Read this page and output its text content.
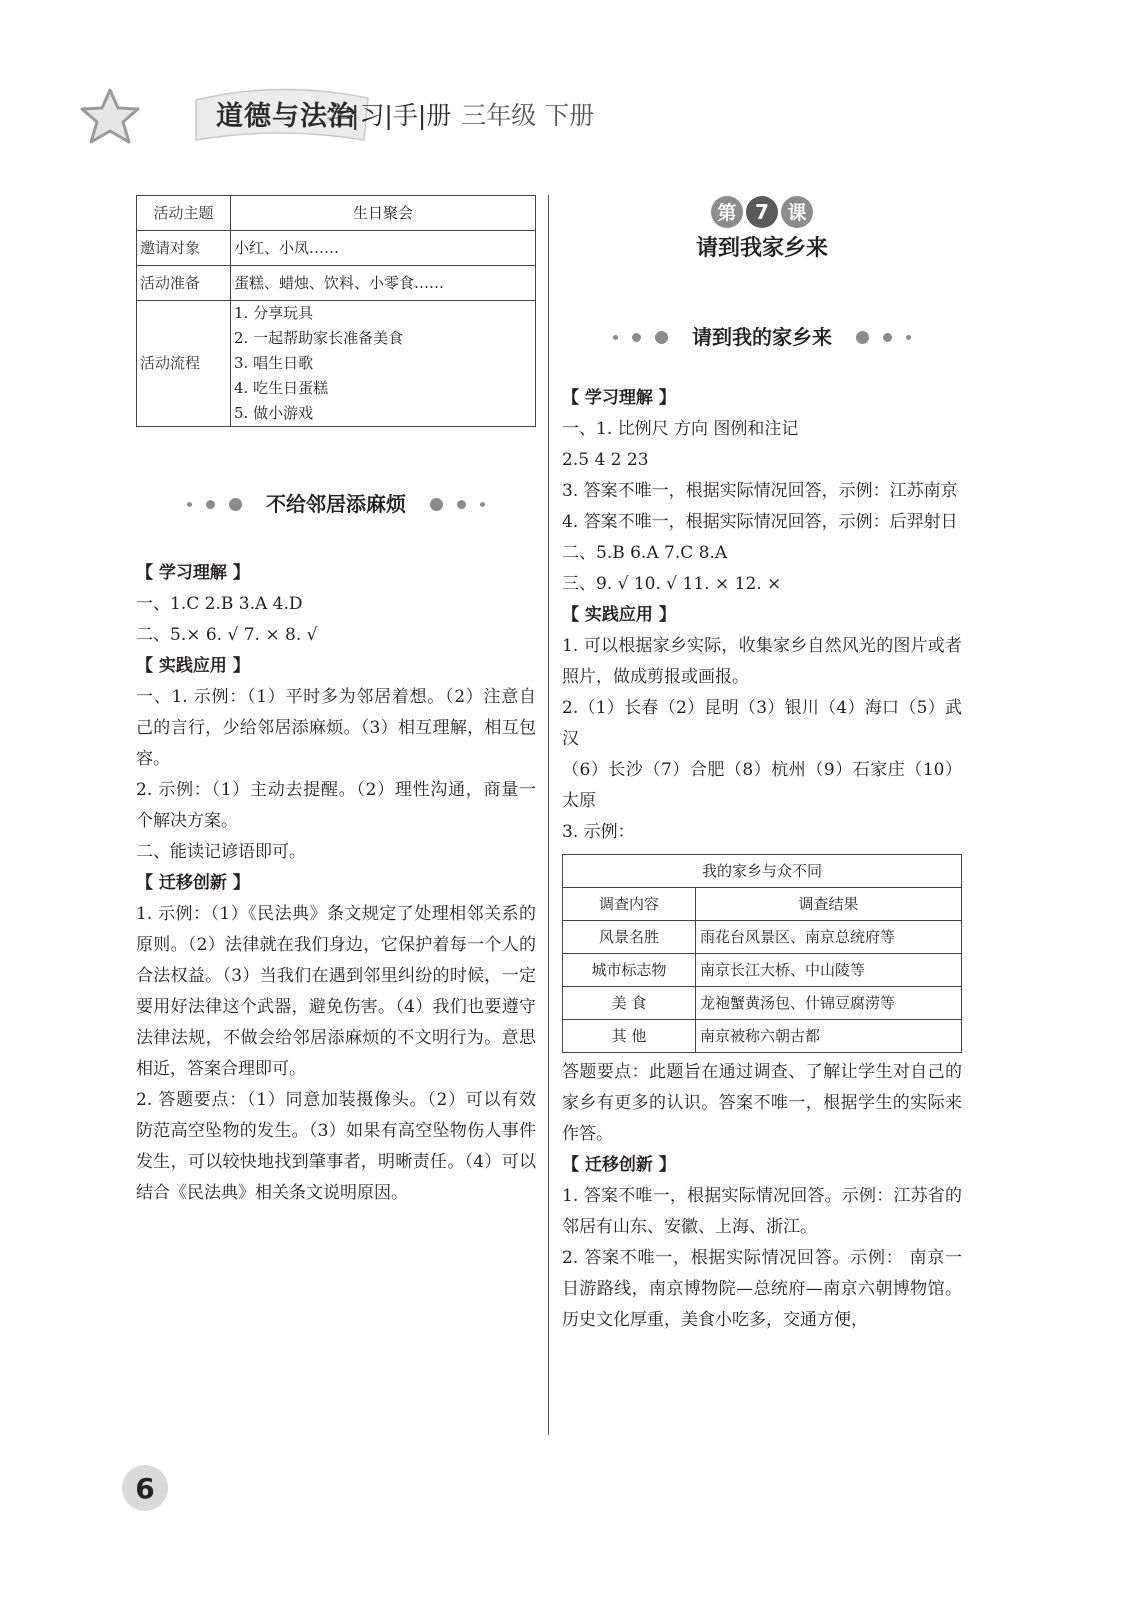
道德与法治
学|习|手|册 三年级 下册
活动主题	生日聚会
邀请对象	小红、小凤……
活动准备	蛋糕、蜡烛、饮料、小零食……
活动流程	1. 分享玩具
2. 一起帮助家长准备美食
3. 唱生日歌
4. 吃生日蛋糕
5. 做小游戏
不给邻居添麻烦
【 学习理解 】

一、1.C 2.B 3.A 4.D

二、5.× 6. √ 7. × 8. √

【 实践应用 】

一、1. 示例：（1）平时多为邻居着想。（2）注意自己的言行，少给邻居添麻烦。（3）相互理解，相互包容。

2. 示例：（1）主动去提醒。（2）理性沟通，商量一个解决方案。

二、能读记谚语即可。

【 迁移创新 】

1. 示例：（1）《民法典》条文规定了处理相邻关系的原则。（2）法律就在我们身边，它保护着每一个人的合法权益。（3）当我们在遇到邻里纠纷的时候，一定要用好法律这个武器，避免伤害。（4）我们也要遵守法律法规，不做会给邻居添麻烦的不文明行为。意思相近，答案合理即可。

2. 答题要点：（1）同意加装摄像头。（2）可以有效防范高空坠物的发生。（3）如果有高空坠物伤人事件发生，可以较快地找到肇事者，明晰责任。（4）可以结合《民法典》相关条文说明原因。

第 7 课
请到我家乡来
请到我的家乡来
【 学习理解 】

一、1. 比例尺 方向 图例和注记

2.5 4 2 23

3. 答案不唯一，根据实际情况回答，示例：江苏南京

4. 答案不唯一，根据实际情况回答，示例：后羿射日

二、5.B 6.A 7.C 8.A

三、9. √ 10. √ 11. × 12. ×

【 实践应用 】

1. 可以根据家乡实际，收集家乡自然风光的图片或者照片，做成剪报或画报。

2.（1）长春（2）昆明（3）银川（4）海口（5）武汉

（6）长沙（7）合肥（8）杭州（9）石家庄（10）太原

3. 示例：

我的家乡与众不同	
调查内容	调查结果
风景名胜	雨花台风景区、南京总统府等
城市标志物	南京长江大桥、中山陵等
美 食	龙袍蟹黄汤包、什锦豆腐涝等
其 他	南京被称六朝古都

答题要点：此题旨在通过调查、了解让学生对自己的家乡有更多的认识。答案不唯一，根据学生的实际来作答。

【 迁移创新 】

1. 答案不唯一，根据实际情况回答。示例：江苏省的邻居有山东、安徽、上海、浙江。

2. 答案不唯一，根据实际情况回答。示例： 南京一日游路线，南京博物院—总统府—南京六朝博物馆。历史文化厚重，美食小吃多，交通方便，

6
